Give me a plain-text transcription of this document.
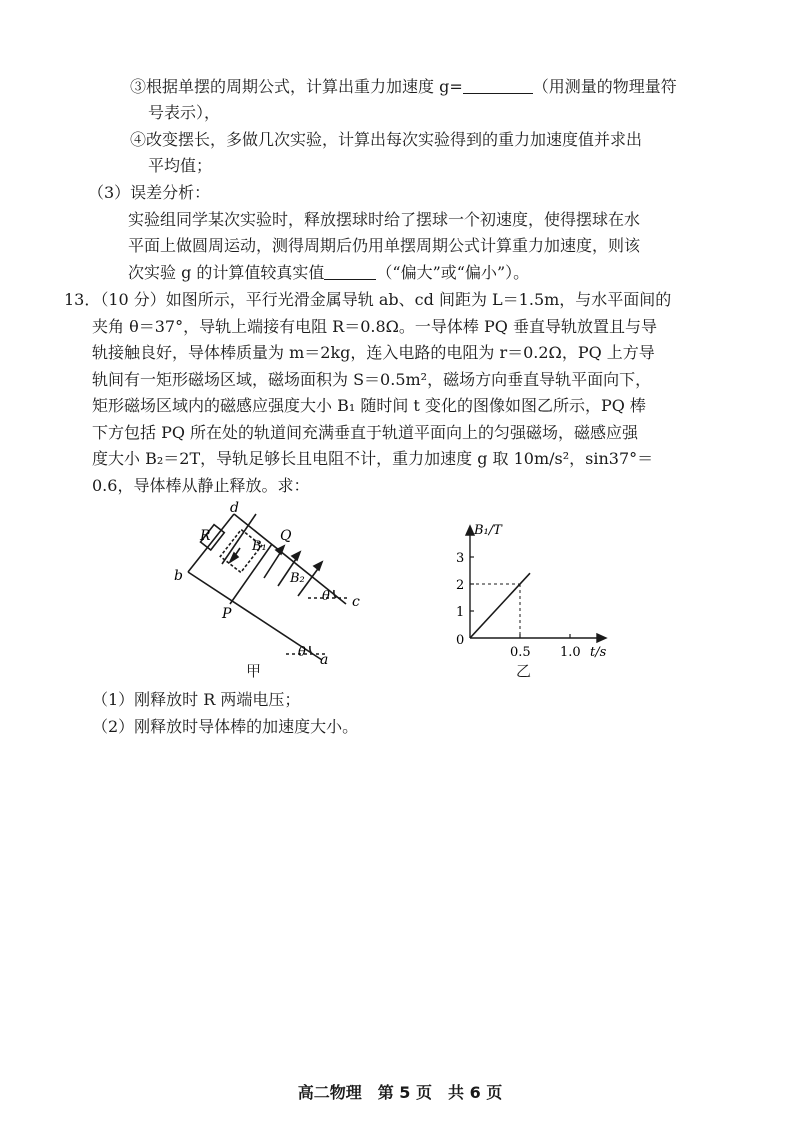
③根据单摆的周期公式，计算出重力加速度 g=	（用测量的物理量符
号表示），
④改变摆长，多做几次实验，计算出每次实验得到的重力加速度值并求出
平均值；
（3）误差分析：
实验组同学某次实验时，释放摆球时给了摆球一个初速度，使得摆球在水
平面上做圆周运动，测得周期后仍用单摆周期公式计算重力加速度，则该
次实验 g 的计算值较真实值	（“偏大”或“偏小”）。
13．（10 分）如图所示，平行光滑金属导轨 ab、cd 间距为 L＝1.5m，与水平面间的
夹角 θ＝37°，导轨上端接有电阻 R＝0.8Ω。一导体棒 PQ 垂直导轨放置且与导
轨接触良好，导体棒质量为 m＝2kg，连入电路的电阻为 r＝0.2Ω，PQ 上方导
轨间有一矩形磁场区域，磁场面积为 S＝0.5m²，磁场方向垂直导轨平面向下，
矩形磁场区域内的磁感应强度大小 B₁ 随时间 t 变化的图像如图乙所示，PQ 棒
下方包括 PQ 所在处的轨道间充满垂直于轨道平面向上的匀强磁场，磁感应强
度大小 B₂＝2T，导轨足够长且电阻不计，重力加速度 g 取 10m/s²，sin37°＝
0.6，导体棒从静止释放。求：
d
R
b
B₁
Q
B₂
P
θ c
θ a
甲
1
2
3
0.5 1.0
B₁/T
t/s
0
乙
（1）刚释放时 R 两端电压；
（2）刚释放时导体棒的加速度大小。
高二物理　第 5 页　共 6 页
